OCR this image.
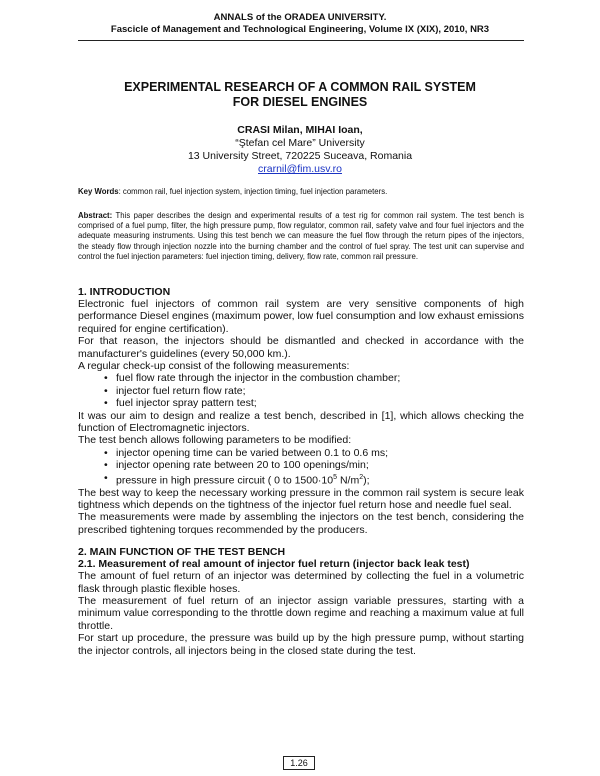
ANNALS of the ORADEA UNIVERSITY.
Fascicle of Management and Technological Engineering, Volume IX (XIX), 2010, NR3
EXPERIMENTAL RESEARCH OF A COMMON RAIL SYSTEM
FOR DIESEL ENGINES
CRASI Milan, MIHAI Ioan,
“Ştefan cel Mare” University
13 University Street, 720225 Suceava, Romania
crarnil@fim.usv.ro
Key Words: common rail, fuel injection system, injection timing, fuel injection parameters.
Abstract: This paper describes the design and experimental results of a test rig for common rail system. The test bench is comprised of a fuel pump, filter, the high pressure pump, flow regulator, common rail, safety valve and four fuel injectors and the adequate measuring instruments. Using this test bench we can measure the fuel flow through the return pipes of the injectors, the steady flow through injection nozzle into the burning chamber and the control of fuel spray. The test unit can supervise and control the fuel injection parameters: fuel injection timing, delivery, flow rate, common rail pressure.
1. INTRODUCTION

Electronic fuel injectors of common rail system are very sensitive components of high performance Diesel engines (maximum power, low fuel consumption and low exhaust emissions required for engine certification).

For that reason, the injectors should be dismantled and checked in accordance with the manufacturer's guidelines (every 50,000 km.).

A regular check-up consist of the following measurements:

• fuel flow rate through the injector in the combustion chamber;
• injector fuel return flow rate;
• fuel injector spray pattern test;

It was our aim to design and realize a test bench, described in [1], which allows checking the function of Electromagnetic injectors.

The test bench allows following parameters to be modified:

• injector opening time can be varied between 0.1 to 0.6 ms;
• injector opening rate between 20 to 100 openings/min;
• pressure in high pressure circuit ( 0 to $1500\cdot 10^5$ $N/m^2$);

The best way to keep the necessary working pressure in the common rail system is secure leak tightness which depends on the tightness of the injector fuel return hose and needle fuel seal.

The measurements were made by assembling the injectors on the test bench, considering the prescribed tightening torques recommended by the producers.

2. MAIN FUNCTION OF THE TEST BENCH
2.1. Measurement of real amount of injector fuel return (injector back leak test)

The amount of fuel return of an injector was determined by collecting the fuel in a volumetric flask through plastic flexible hoses.

The measurement of fuel return of an injector assign variable pressures, starting with a minimum value corresponding to the throttle down regime and reaching a maximum value at full throttle.

For start up procedure, the pressure was build up by the high pressure pump, without starting the injector controls, all injectors being in the closed state during the test.

1.26
